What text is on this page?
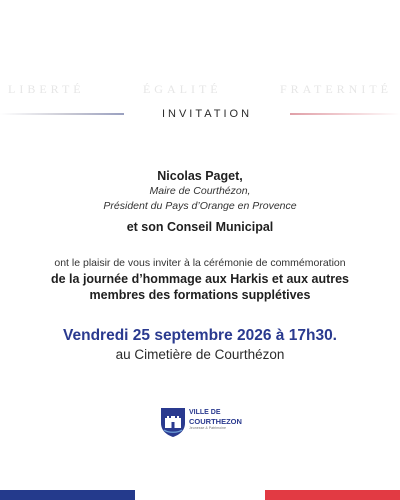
LIBERTÉ	ÉGALITÉ	FRATERNITÉ
INVITATION
Nicolas Paget,
Maire de Courthézon,
Président du Pays d’Orange en Provence
et son Conseil Municipal
ont le plaisir de vous inviter à la cérémonie de commémoration
de la journée d’hommage aux Harkis et aux autres
membres des formations supplétives
Vendredi 25 septembre 2026 à 17h30.
au Cimetière de Courthézon
VILLE DE
COURTHEZON
Jeunesse & Patrimoine
